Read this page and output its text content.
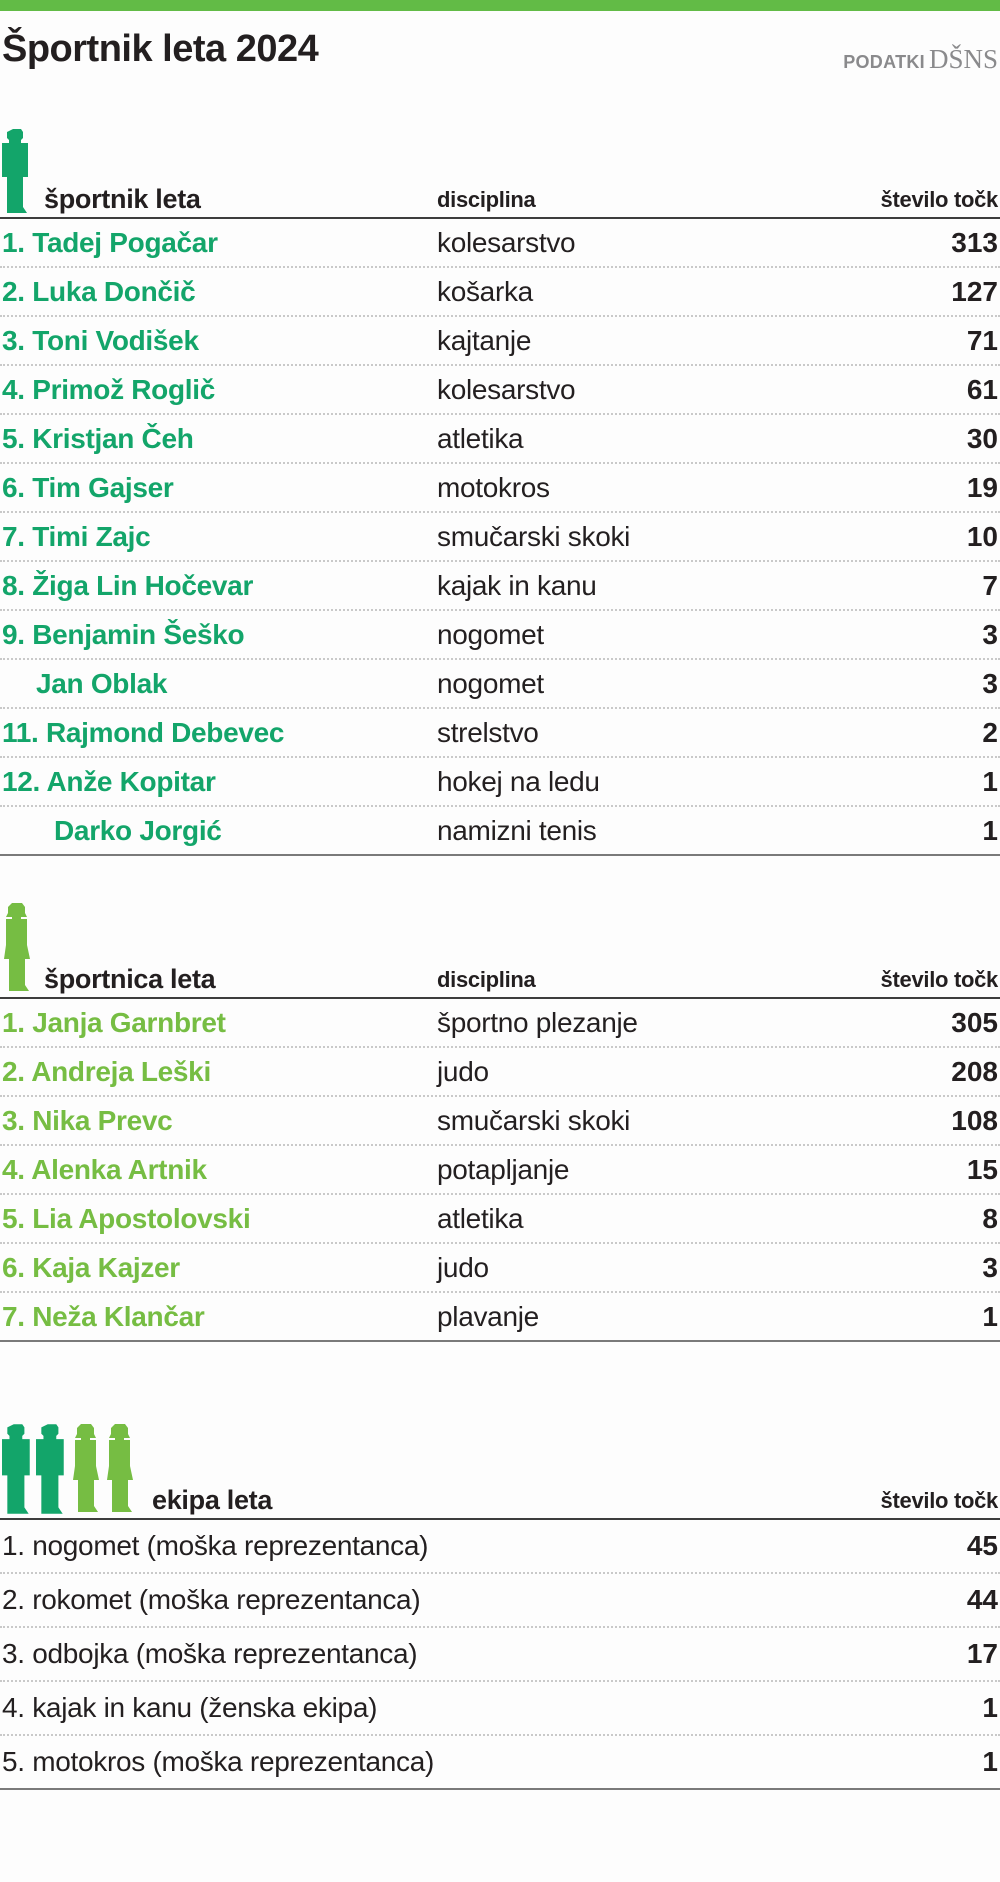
Športnik leta 2024	PODATKI DŠNS
športnik leta	disciplina	število točk
1. Tadej Pogačar	kolesarstvo	313
2. Luka Dončič	košarka	127
3. Toni Vodišek	kajtanje	71
4. Primož Roglič	kolesarstvo	61
5. Kristjan Čeh	atletika	30
6. Tim Gajser	motokros	19
7. Timi Zajc	smučarski skoki	10
8. Žiga Lin Hočevar	kajak in kanu	7
9. Benjamin Šeško	nogomet	3
Jan Oblak	nogomet	3
11. Rajmond Debevec	strelstvo	2
12. Anže Kopitar	hokej na ledu	1
Darko Jorgić	namizni tenis	1
športnica leta	disciplina	število točk
1. Janja Garnbret	športno plezanje	305
2. Andreja Leški	judo	208
3. Nika Prevc	smučarski skoki	108
4. Alenka Artnik	potapljanje	15
5. Lia Apostolovski	atletika	8
6. Kaja Kajzer	judo	3
7. Neža Klančar	plavanje	1
ekipa leta	število točk
1. nogomet (moška reprezentanca)	45
2. rokomet (moška reprezentanca)	44
3. odbojka (moška reprezentanca)	17
4. kajak in kanu (ženska ekipa)	1
5. motokros (moška reprezentanca)	1
